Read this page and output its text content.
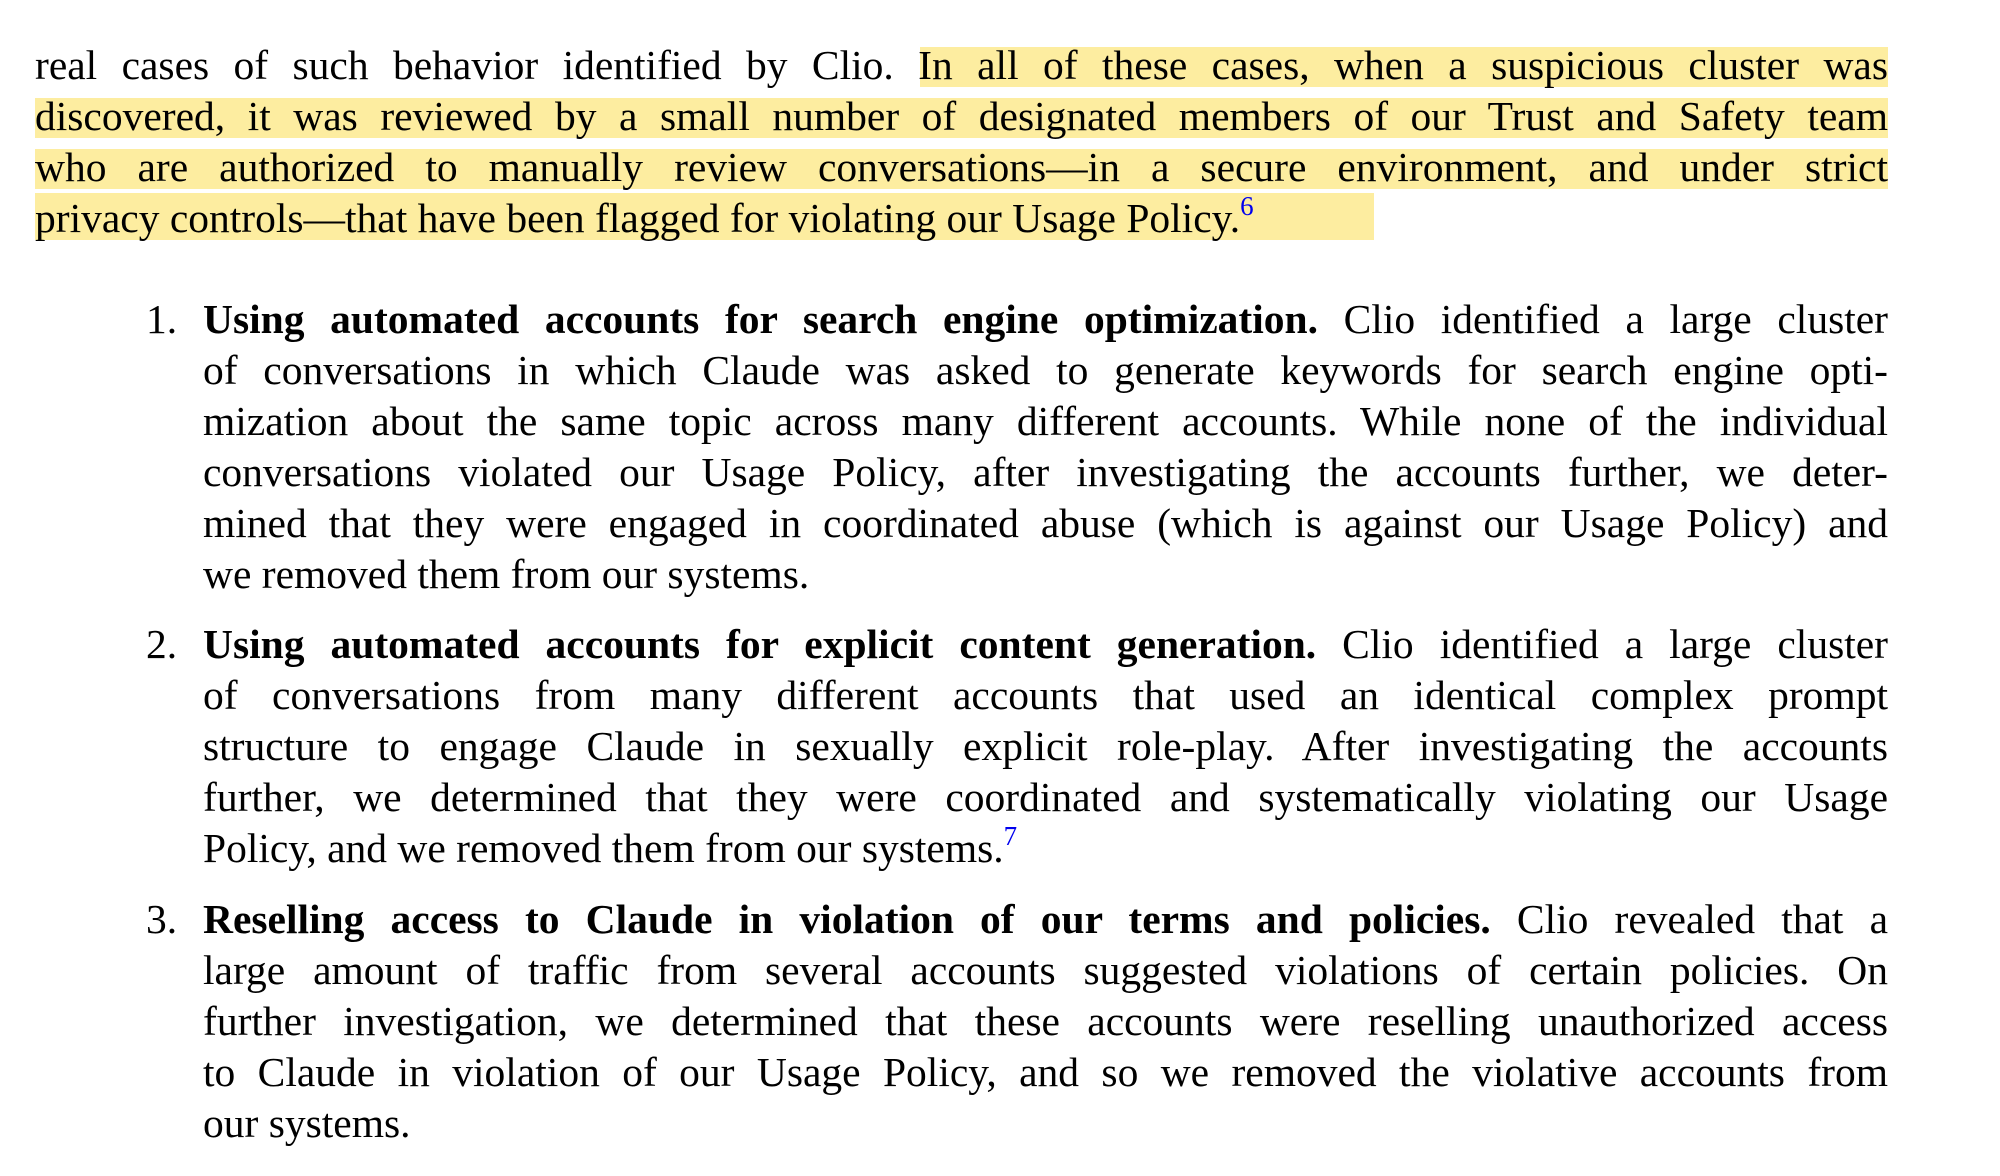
real cases of such behavior identified by Clio. In all of these cases, when a suspicious cluster was
discovered, it was reviewed by a small number of designated members of our Trust and Safety team
who are authorized to manually review conversations—in a secure environment, and under strict
privacy controls—that have been flagged for violating our Usage Policy.$^6$
1. Using automated accounts for search engine optimization. Clio identified a large cluster
of conversations in which Claude was asked to generate keywords for search engine opti-
mization about the same topic across many different accounts. While none of the individual
conversations violated our Usage Policy, after investigating the accounts further, we deter-
mined that they were engaged in coordinated abuse (which is against our Usage Policy) and
we removed them from our systems.
2. Using automated accounts for explicit content generation. Clio identified a large cluster
of conversations from many different accounts that used an identical complex prompt
structure to engage Claude in sexually explicit role-play. After investigating the accounts
further, we determined that they were coordinated and systematically violating our Usage
Policy, and we removed them from our systems.$^7$
3. Reselling access to Claude in violation of our terms and policies. Clio revealed that a
large amount of traffic from several accounts suggested violations of certain policies. On
further investigation, we determined that these accounts were reselling unauthorized access
to Claude in violation of our Usage Policy, and so we removed the violative accounts from
our systems.
